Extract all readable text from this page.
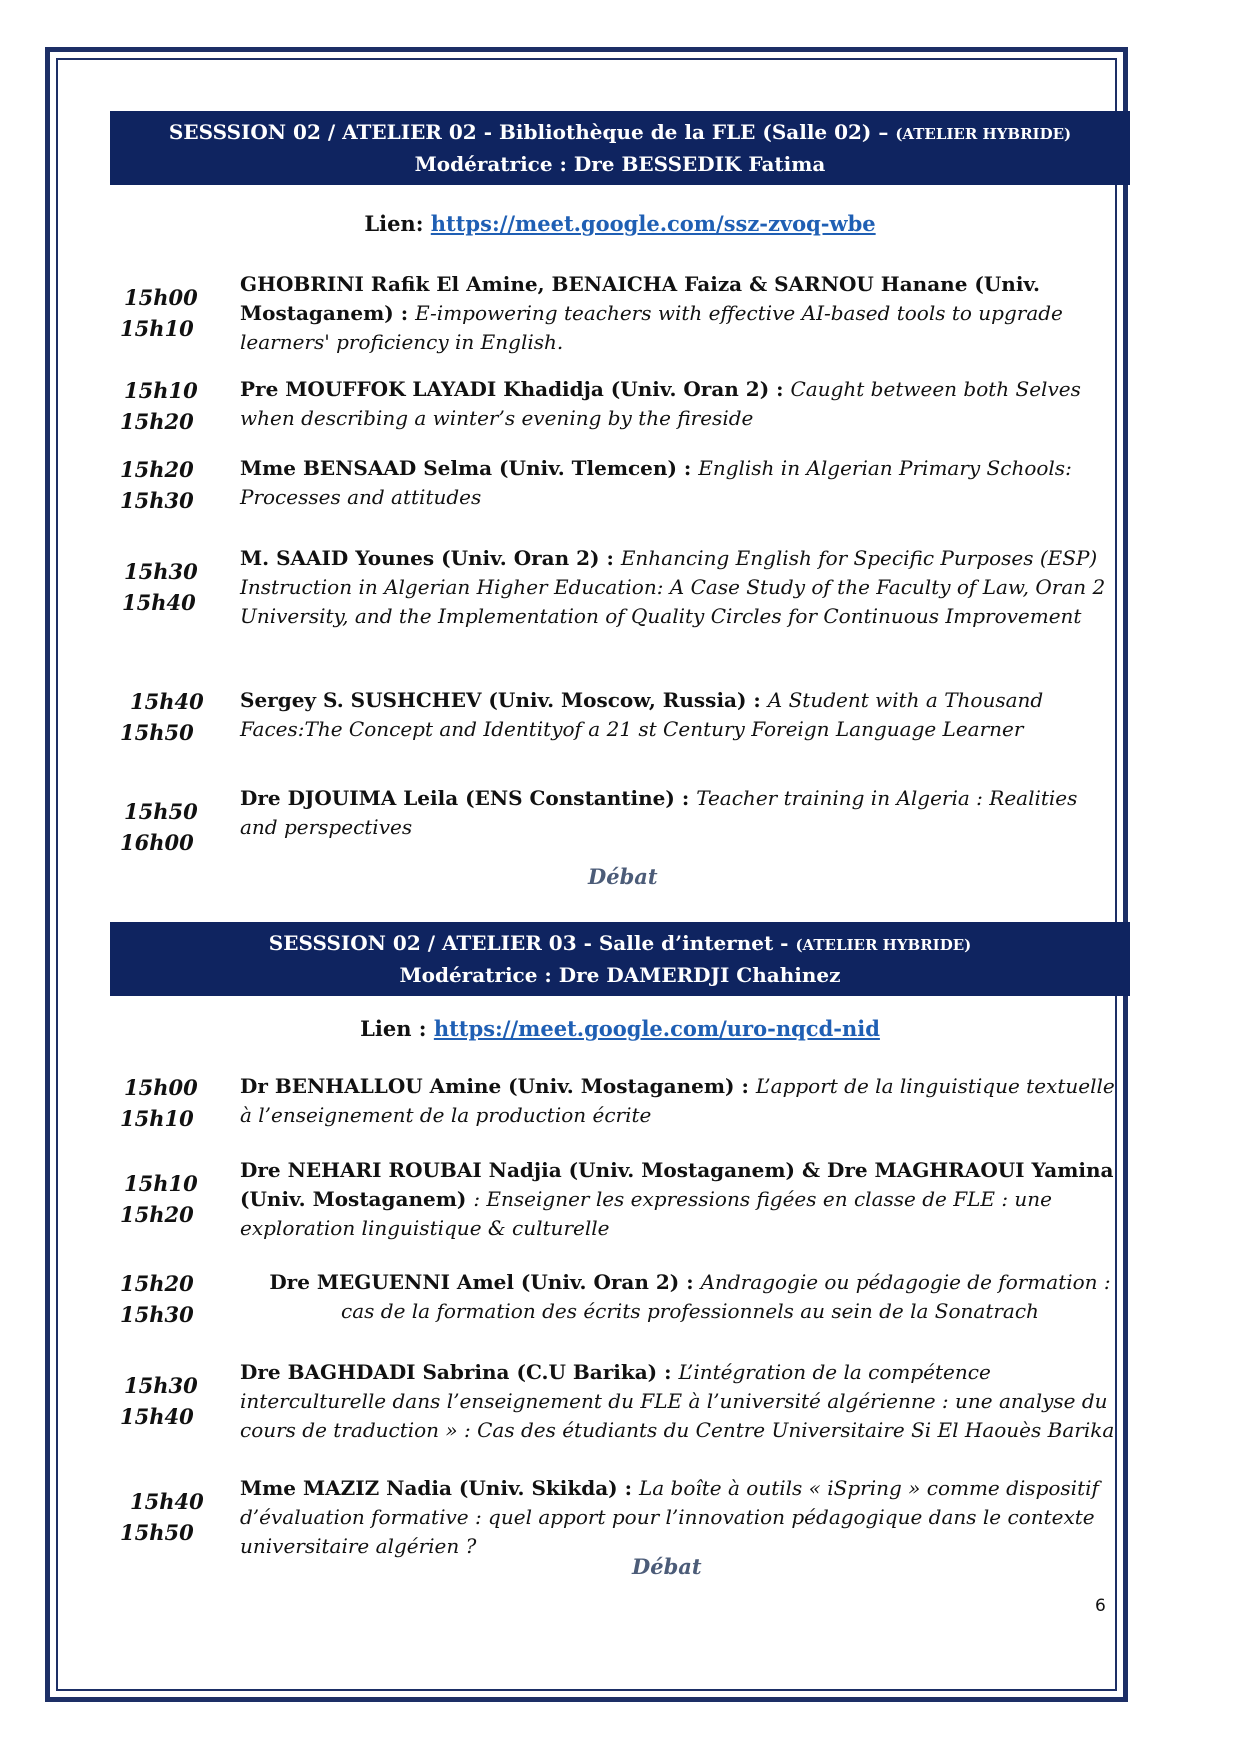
SESSSION 02 / ATELIER 02 - Bibliothèque de la FLE (Salle 02) – (ATELIER HYBRIDE)
Modératrice : Dre BESSEDIK Fatima
Lien: https://meet.google.com/ssz-zvoq-wbe
15h00
15h10
GHOBRINI Rafik El Amine, BENAICHA Faiza & SARNOU Hanane (Univ. Mostaganem) : E-impowering teachers with effective AI-based tools to upgrade learners' proficiency in English.
15h10
15h20
Pre MOUFFOK LAYADI Khadidja (Univ. Oran 2) : Caught between both Selves when describing a winter’s evening by the fireside
15h20
15h30
Mme BENSAAD Selma (Univ. Tlemcen) : English in Algerian Primary Schools: Processes and attitudes
15h30
15h40
M. SAAID Younes (Univ. Oran 2) : Enhancing English for Specific Purposes (ESP) Instruction in Algerian Higher Education: A Case Study of the Faculty of Law, Oran 2 University, and the Implementation of Quality Circles for Continuous Improvement
15h40
15h50
Sergey S. SUSHCHEV (Univ. Moscow, Russia) : A Student with a Thousand Faces:The Concept and Identityof a 21 st Century Foreign Language Learner
15h50
16h00
Dre DJOUIMA Leila (ENS Constantine) : Teacher training in Algeria : Realities and perspectives
Débat
SESSSION 02 / ATELIER 03 - Salle d’internet - (ATELIER HYBRIDE)
Modératrice : Dre DAMERDJI Chahinez
Lien : https://meet.google.com/uro-nqcd-nid
15h00
15h10
Dr BENHALLOU Amine (Univ. Mostaganem) : L’apport de la linguistique textuelle à l’enseignement de la production écrite
15h10
15h20
Dre NEHARI ROUBAI Nadjia (Univ. Mostaganem) & Dre MAGHRAOUI Yamina (Univ. Mostaganem) : Enseigner les expressions figées en classe de FLE : une exploration linguistique & culturelle
15h20
15h30
Dre MEGUENNI Amel (Univ. Oran 2) : Andragogie ou pédagogie de formation : cas de la formation des écrits professionnels au sein de la Sonatrach
15h30
15h40
Dre BAGHDADI Sabrina (C.U Barika) : L’intégration de la compétence interculturelle dans l’enseignement du FLE à l’université algérienne : une analyse du cours de traduction » : Cas des étudiants du Centre Universitaire Si El Haouès Barika
15h40
15h50
Mme MAZIZ Nadia (Univ. Skikda) : La boîte à outils « iSpring » comme dispositif d’évaluation formative : quel apport pour l’innovation pédagogique dans le contexte universitaire algérien ?
Débat
6
